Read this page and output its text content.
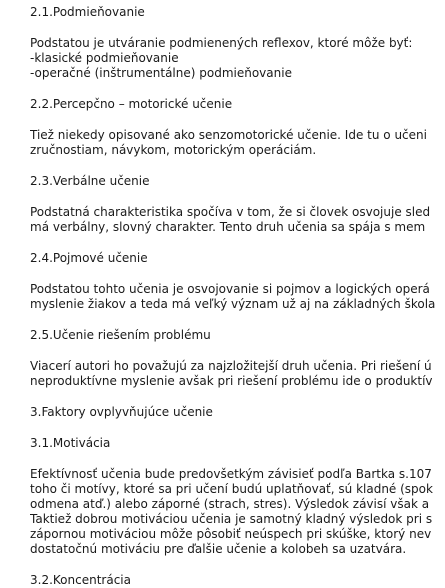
2.1.Podmieňovanie

Podstatou je utváranie podmienených reflexov, ktoré môže byť:

-klasické podmieňovanie

-operačné (inštrumentálne) podmieňovanie

2.2.Percepčno – motorické učenie

Tiež niekedy opisované ako senzomotorické učenie. Ide tu o učeni

zručnostiam, návykom, motorickým operáciám.

2.3.Verbálne učenie

Podstatná charakteristika spočíva v tom, že si človek osvojuje sled

má verbálny, slovný charakter. Tento druh učenia sa spája s mem

2.4.Pojmové učenie

Podstatou tohto učenia je osvojovanie si pojmov a logických operá

myslenie žiakov a teda má veľký význam už aj na základných škola

2.5.Učenie riešením problému

Viacerí autori ho považujú za najzložitejší druh učenia. Pri riešení ú

neproduktívne myslenie avšak pri riešení problému ide o produktív

3.Faktory ovplyvňujúce učenie

3.1.Motivácia

Efektívnosť učenia bude predovšetkým závisieť podľa Bartka s.107

toho či motívy, ktoré sa pri učení budú uplatňovať, sú kladné (spok

odmena atď.) alebo záporné (strach, stres). Výsledok závisí však a

Taktiež dobrou motiváciou učenia je samotný kladný výsledok pri s

zápornou motiváciou môže pôsobiť neúspech pri skúške, ktorý nev

dostatočnú motiváciu pre ďalšie učenie a kolobeh sa uzatvára.

3.2.Koncentrácia
